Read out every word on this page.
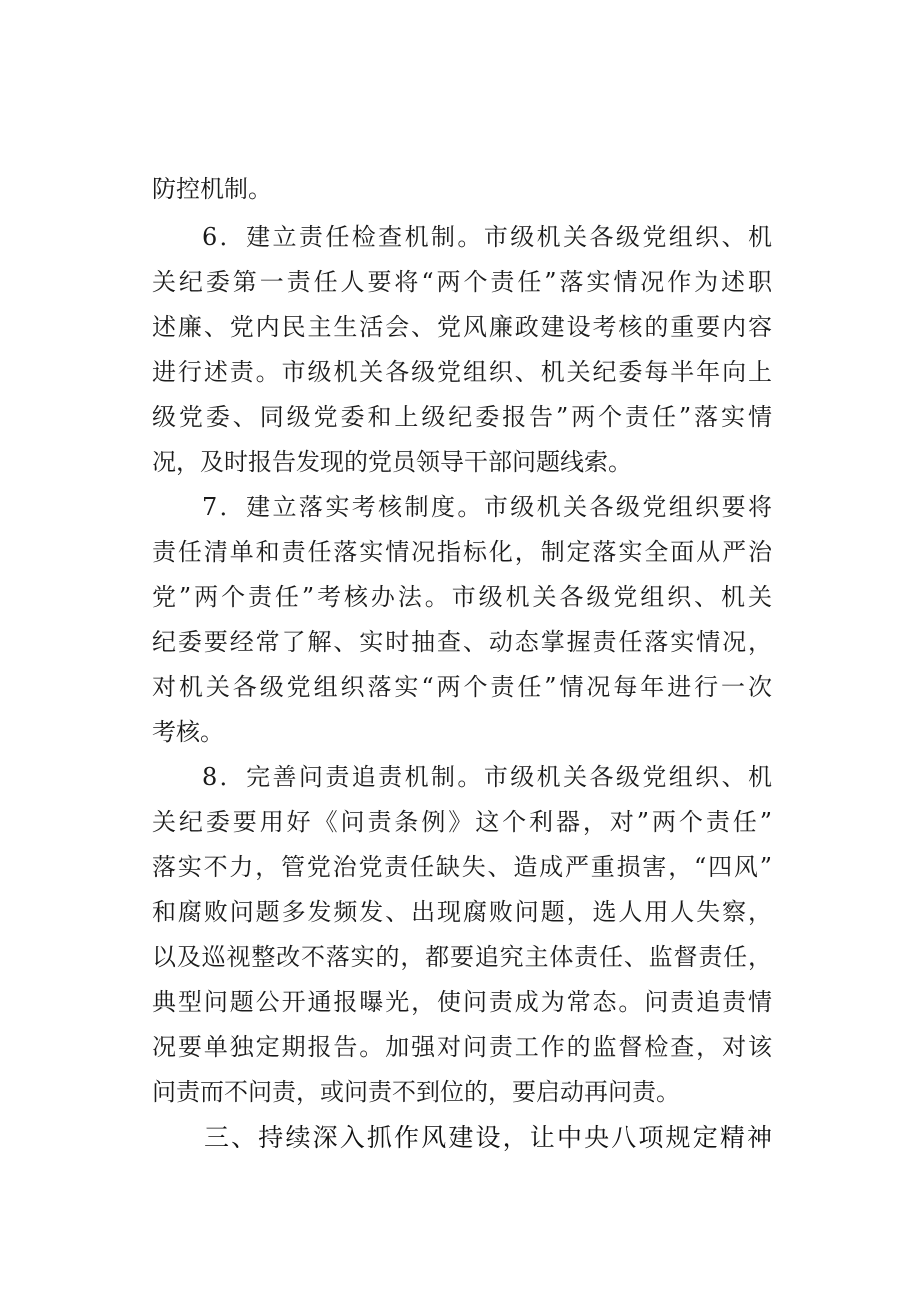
防控机制。
6．建立责任检查机制。市级机关各级党组织、机
关纪委第一责任人要将“两个责任”落实情况作为述职
述廉、党内民主生活会、党风廉政建设考核的重要内容
进行述责。市级机关各级党组织、机关纪委每半年向上
级党委、同级党委和上级纪委报告”两个责任”落实情
况，及时报告发现的党员领导干部问题线索。
7．建立落实考核制度。市级机关各级党组织要将
责任清单和责任落实情况指标化，制定落实全面从严治
党”两个责任”考核办法。市级机关各级党组织、机关
纪委要经常了解、实时抽查、动态掌握责任落实情况，
对机关各级党组织落实“两个责任”情况每年进行一次
考核。
8．完善问责追责机制。市级机关各级党组织、机
关纪委要用好《问责条例》这个利器，对”两个责任”
落实不力，管党治党责任缺失、造成严重损害，“四风”
和腐败问题多发频发、出现腐败问题，选人用人失察，
以及巡视整改不落实的，都要追究主体责任、监督责任，
典型问题公开通报曝光，使问责成为常态。问责追责情
况要单独定期报告。加强对问责工作的监督检查，对该
问责而不问责，或问责不到位的，要启动再问责。
三、持续深入抓作风建设，让中央八项规定精神
